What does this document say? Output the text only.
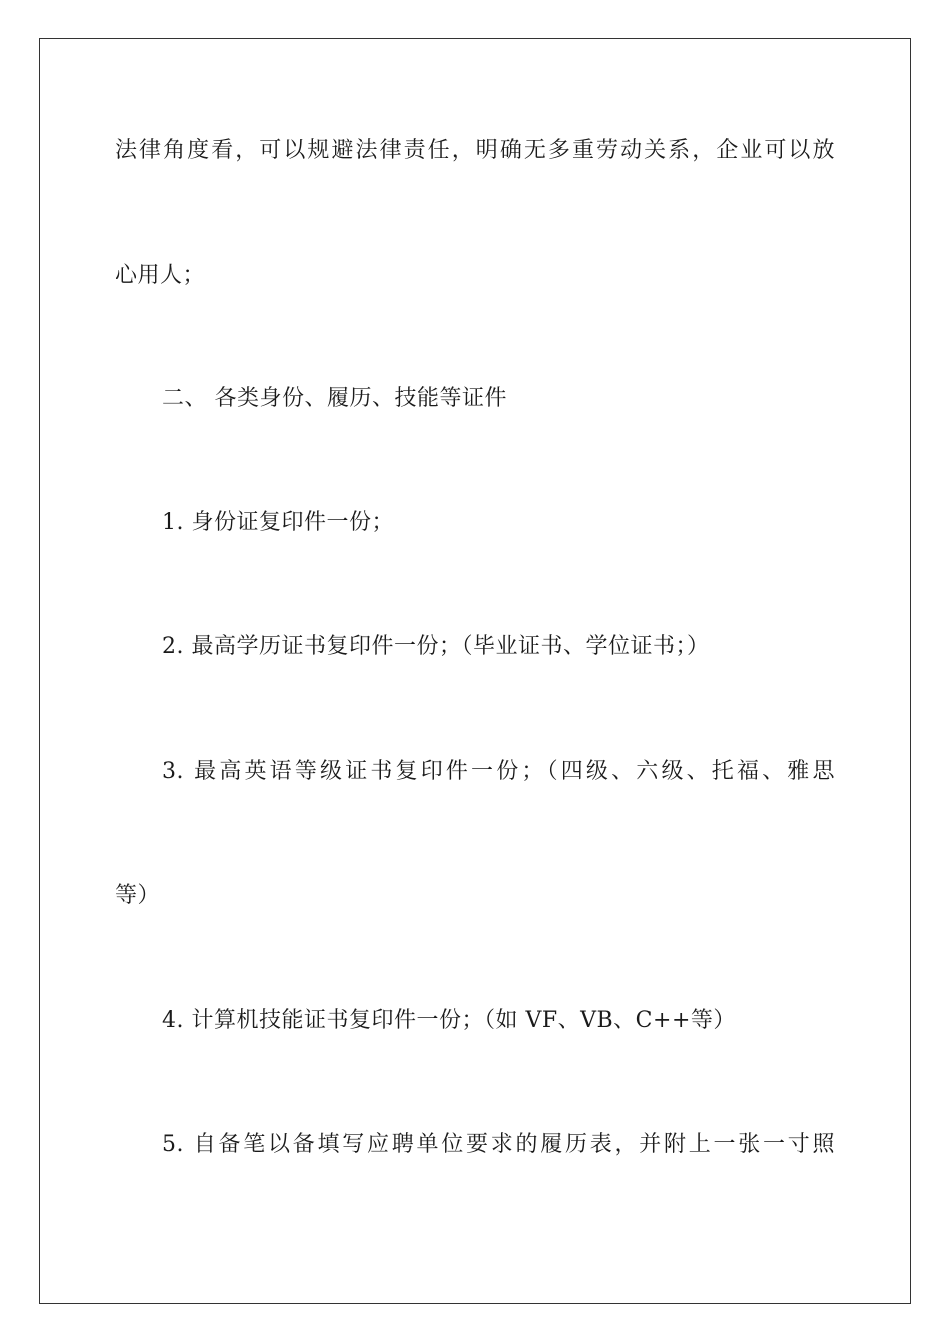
法律角度看，可以规避法律责任，明确无多重劳动关系，企业可以放
心用人；
二、 各类身份、履历、技能等证件
1. 身份证复印件一份；
2. 最高学历证书复印件一份；（毕业证书、学位证书；）
3. 最高英语等级证书复印件一份；（四级、六级、托福、雅思
等）
4. 计算机技能证书复印件一份；（如 VF、VB、C++等）
5. 自备笔以备填写应聘单位要求的履历表，并附上一张一寸照
